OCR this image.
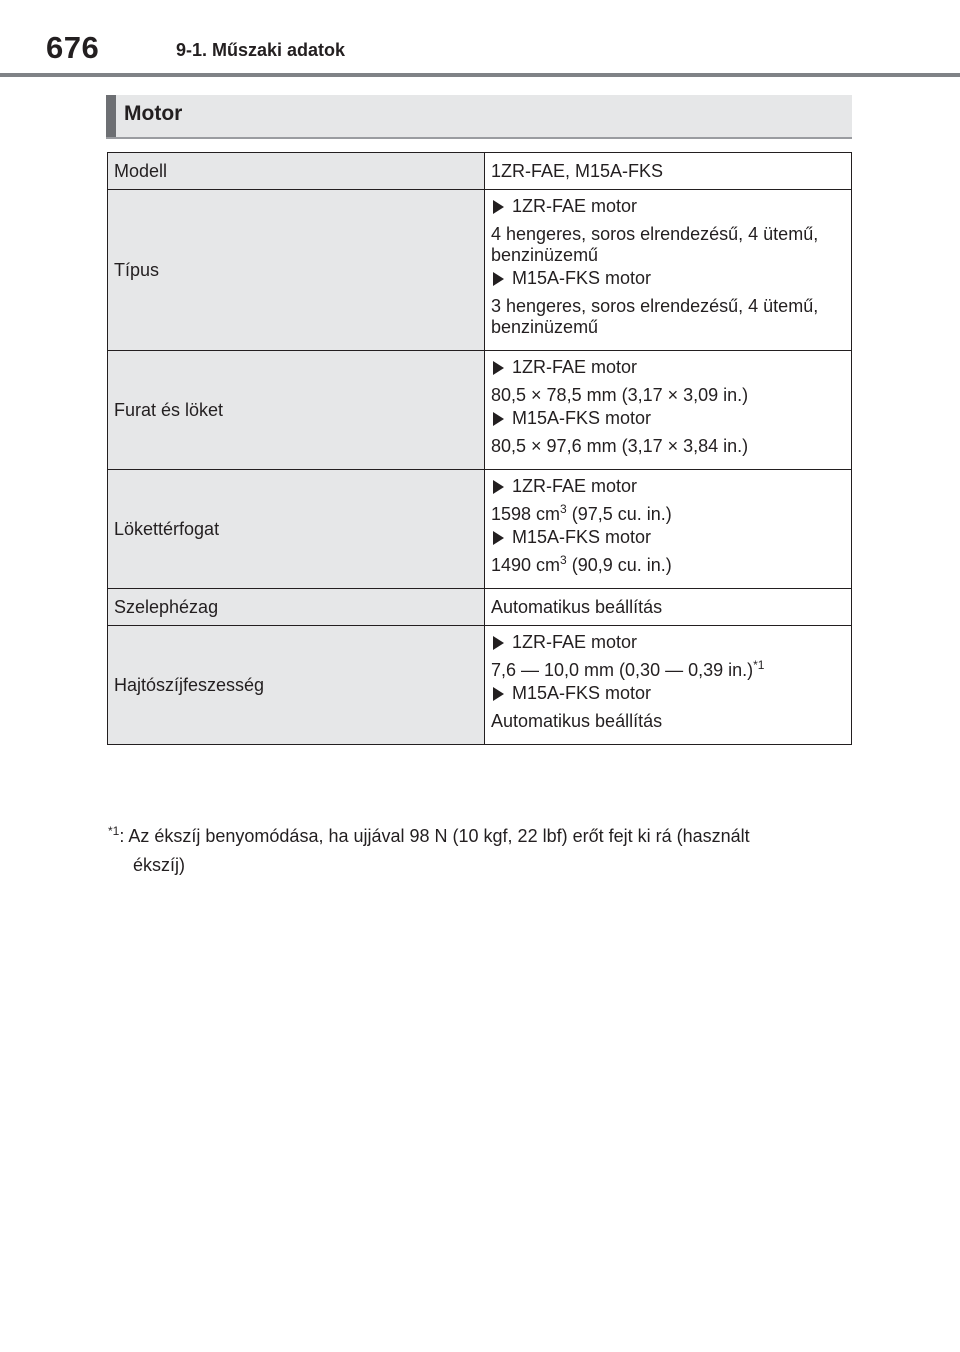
676	9-1. Műszaki adatok
Motor
Modell	1ZR-FAE, M15A-FKS
Típus	1ZR-FAE motor
4 hengeres, soros elrendezésű, 4 ütemű, benzinüzemű
M15A-FKS motor
3 hengeres, soros elrendezésű, 4 ütemű, benzinüzemű

Furat és löket	1ZR-FAE motor
80,5 × 78,5 mm (3,17 × 3,09 in.)
M15A-FKS motor
80,5 × 97,6 mm (3,17 × 3,84 in.)

Lökettérfogat	1ZR-FAE motor
1598 $cm^3$ (97,5 cu. in.)
M15A-FKS motor
1490 $cm^3$ (90,9 cu. in.)

Szelephézag	Automatikus beállítás
Hajtószíjfeszesség	1ZR-FAE motor
7,6 — 10,0 mm (0,30 — 0,39 in.)$^{*1}$
M15A-FKS motor
Automatikus beállítás
$^{*1}$: Az ékszíj benyomódása, ha ujjával 98 N (10 kgf, 22 lbf) erőt fejt ki rá (használt
ékszíj)
